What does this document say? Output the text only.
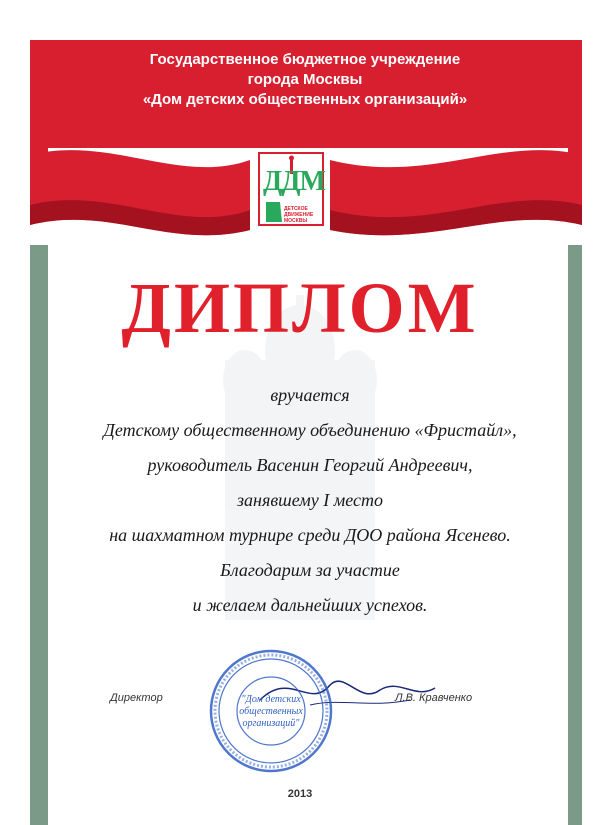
Государственное бюджетное учреждение
города Москвы
«Дом детских общественных организаций»
ДДМ
ДЕТСКОЕ
ДВИЖЕНИЕ
МОСКВЫ
ДИПЛОМ
вручается
Детскому общественному объединению «Фристайл»,
руководитель Васенин Георгий Андреевич,
занявшему I место
на шахматном турнире среди ДОО района Ясенево.
Благодарим за участие
и желаем дальнейших успехов.
Директор	Л.В. Кравченко
МОСКВА
"Дом детских
общественных
организаций"
2013
